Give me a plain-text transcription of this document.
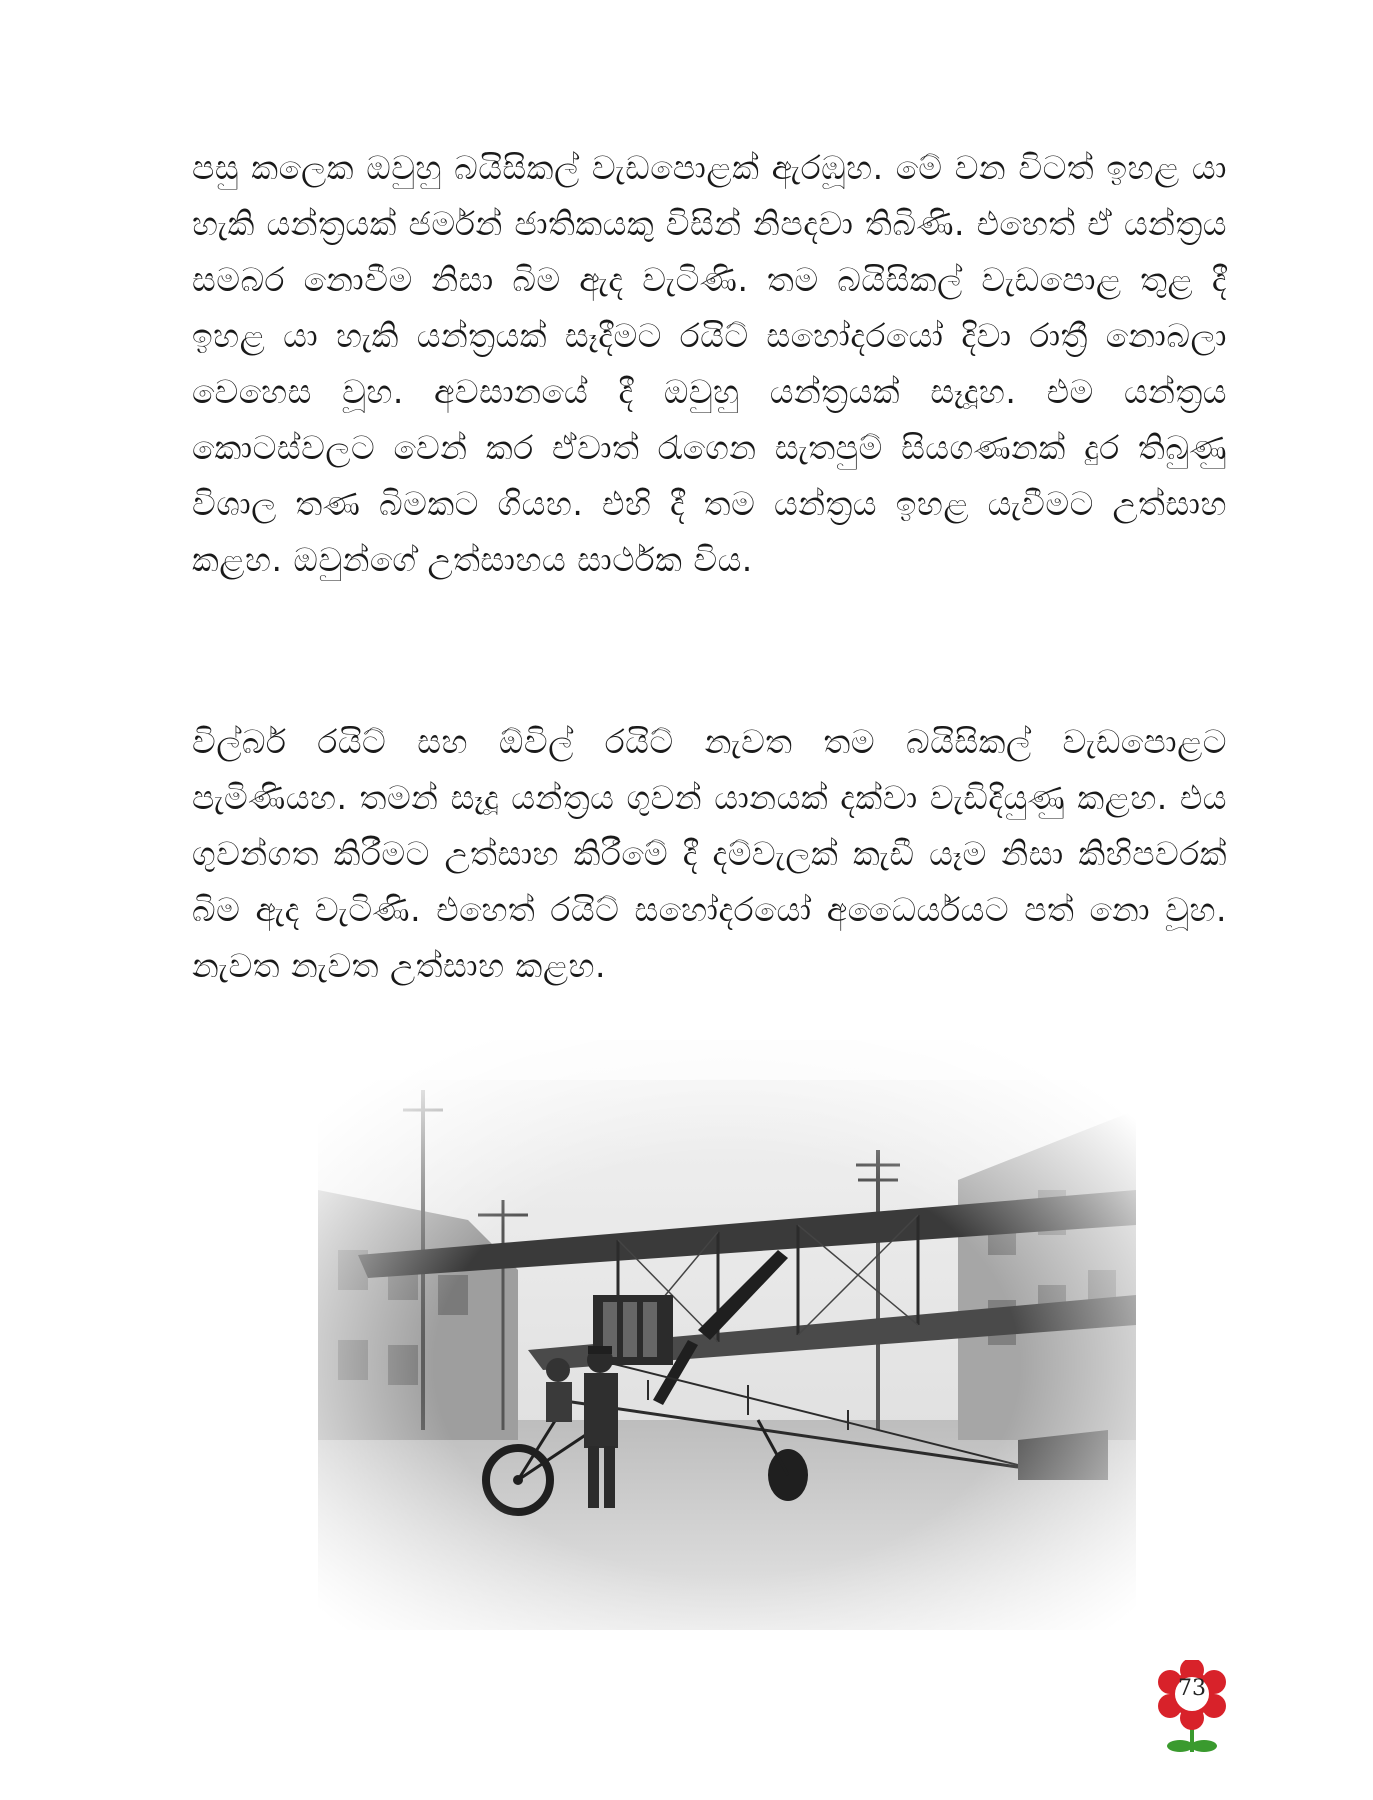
පසු කලෙක ඔවුහු බයිසිකල් වැඩපොළක් ඇරඹූහ. මේ වන විටත් ඉහළ යා හැකි යන්ත්‍රයක් ජර්මන් ජාතිකයකු විසින් නිපදවා තිබිණි. එහෙත් ඒ යන්ත්‍රය සමබර නොවීම නිසා බිම ඇද වැටිණි. තම බයිසිකල් වැඩපොළ තුළ දී ඉහළ යා හැකි යන්ත්‍රයක් සෑදීමට රයිට් සහෝදරයෝ දිවා රාත්‍රී නොබලා වෙහෙස වූහ. අවසානයේ දී ඔවුහු යන්ත්‍රයක් සෑදූහ. එම යන්ත්‍රය කොටස්වලට වෙන් කර ඒවාත් රැගෙන සැතපුම් සියගණනක් දුර තිබුණු විශාල තණ බිමකට ගියහ. එහි දී තම යන්ත්‍රය ඉහළ යැවීමට උත්සාහ කළහ. ඔවුන්ගේ උත්සාහය සාර්ථක විය.

විල්බර් රයිට් සහ ඕවිල් රයිට් නැවත තම බයිසිකල් වැඩපොළට පැමිණියහ. තමන් සෑදූ යන්ත්‍රය ගුවන් යානයක් දක්වා වැඩිදියුණු කළහ. එය ගුවන්ගත කිරීමට උත්සාහ කිරීමේ දී දම්වැලක් කැඩී යෑම නිසා කිහිපවරක් බිම ඇද වැටිණි. එහෙත් රයිට් සහෝදරයෝ අධෛර්යයට පත් නො වූහ. නැවත නැවත උත්සාහ කළහ.

73
